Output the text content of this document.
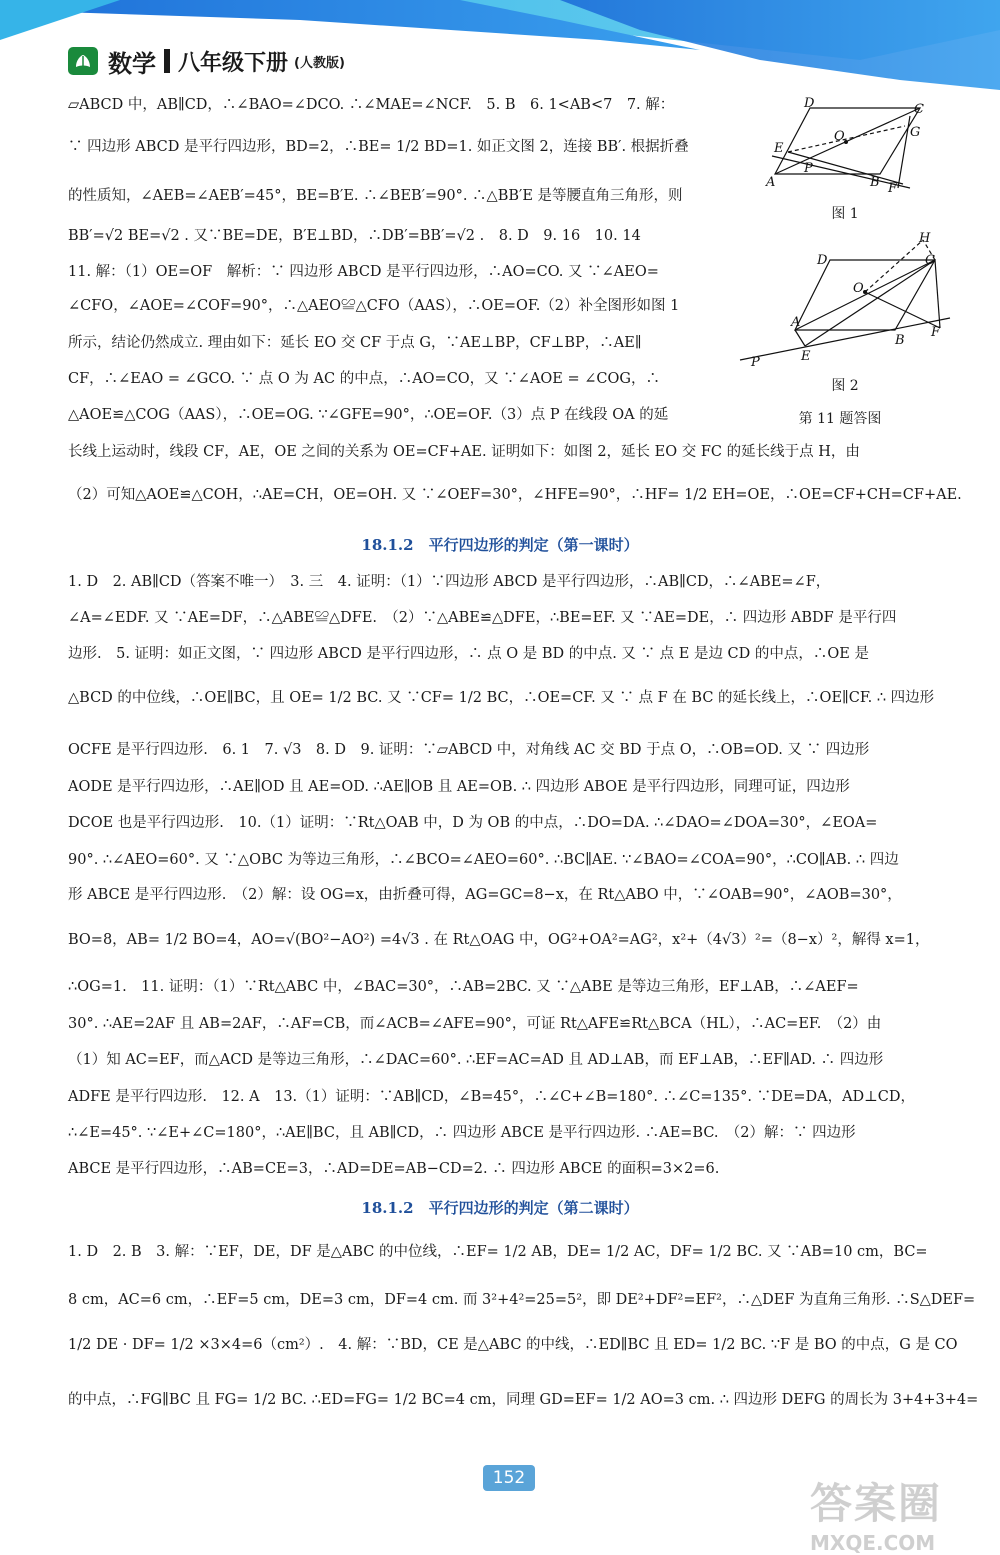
数学 八年级下册 (人教版)
▱ABCD 中，AB∥CD，∴∠BAO=∠DCO. ∴∠MAE=∠NCF.　5. B　6. 1<AB<7　7. 解：
∵ 四边形 ABCD 是平行四边形，BD=2，∴BE= 1/2 BD=1. 如正文图 2，连接 BB′. 根据折叠
的性质知，∠AEB=∠AEB′=45°，BE=B′E. ∴∠BEB′=90°. ∴△BB′E 是等腰直角三角形，则
BB′=√2 BE=√2 . 又∵BE=DE，B′E⊥BD，∴DB′=BB′=√2 .　8. D　9. 16　10. 14
11. 解：（1）OE=OF　解析：∵ 四边形 ABCD 是平行四边形，∴AO=CO. 又 ∵∠AEO=
∠CFO，∠AOE=∠COF=90°，∴△AEO≌△CFO（AAS），∴OE=OF.（2）补全图形如图 1
所示，结论仍然成立. 理由如下：延长 EO 交 CF 于点 G，∵AE⊥BP，CF⊥BP，∴AE∥
CF，∴∠EAO = ∠GCO. ∵ 点 O 为 AC 的中点，∴AO=CO，又 ∵∠AOE = ∠COG，∴
△AOE≌△COG（AAS），∴OE=OG. ∵∠GFE=90°，∴OE=OF.（3）点 P 在线段 OA 的延
长线上运动时，线段 CF，AE，OE 之间的关系为 OE=CF+AE. 证明如下：如图 2，延长 EO 交 FC 的延长线于点 H，由
（2）可知△AOE≌△COH，∴AE=CH，OE=OH. 又 ∵∠OEF=30°，∠HFE=90°，∴HF= 1/2 EH=OE，∴OE=CF+CH=CF+AE.
18.1.2　平行四边形的判定（第一课时）
1. D　2. AB∥CD（答案不唯一）　3. 三　4. 证明：（1）∵四边形 ABCD 是平行四边形，∴AB∥CD，∴∠ABE=∠F，
∠A=∠EDF. 又 ∵AE=DF，∴△ABE≌△DFE.　（2）∵△ABE≌△DFE，∴BE=EF. 又 ∵AE=DE，∴ 四边形 ABDF 是平行四
边形.　5. 证明：如正文图，∵ 四边形 ABCD 是平行四边形，∴ 点 O 是 BD 的中点. 又 ∵ 点 E 是边 CD 的中点，∴OE 是
△BCD 的中位线，∴OE∥BC，且 OE= 1/2 BC. 又 ∵CF= 1/2 BC，∴OE=CF. 又 ∵ 点 F 在 BC 的延长线上，∴OE∥CF. ∴ 四边形
OCFE 是平行四边形.　6. 1　7. √3　8. D　9. 证明：∵▱ABCD 中，对角线 AC 交 BD 于点 O，∴OB=OD. 又 ∵ 四边形
AODE 是平行四边形，∴AE∥OD 且 AE=OD. ∴AE∥OB 且 AE=OB. ∴ 四边形 ABOE 是平行四边形，同理可证，四边形
DCOE 也是平行四边形.　10.（1）证明：∵Rt△OAB 中，D 为 OB 的中点，∴DO=DA. ∴∠DAO=∠DOA=30°，∠EOA=
90°. ∴∠AEO=60°. 又 ∵△OBC 为等边三角形，∴∠BCO=∠AEO=60°. ∴BC∥AE. ∵∠BAO=∠COA=90°，∴CO∥AB. ∴ 四边
形 ABCE 是平行四边形.　（2）解：设 OG=x，由折叠可得，AG=GC=8−x，在 Rt△ABO 中，∵∠OAB=90°，∠AOB=30°，
BO=8，AB= 1/2 BO=4，AO=√(BO²−AO²) =4√3 . 在 Rt△OAG 中，OG²+OA²=AG²，x²+（4√3）²=（8−x）²，解得 x=1，
∴OG=1.　11. 证明：（1）∵Rt△ABC 中，∠BAC=30°，∴AB=2BC. 又 ∵△ABE 是等边三角形，EF⊥AB，∴∠AEF=
30°. ∴AE=2AF 且 AB=2AF，∴AF=CB，而∠ACB=∠AFE=90°，可证 Rt△AFE≌Rt△BCA（HL），∴AC=EF.　（2）由
（1）知 AC=EF，而△ACD 是等边三角形，∴∠DAC=60°. ∴EF=AC=AD 且 AD⊥AB，而 EF⊥AB，∴EF∥AD. ∴ 四边形
ADFE 是平行四边形.　12. A　13.（1）证明：∵AB∥CD，∠B=45°，∴∠C+∠B=180°. ∴∠C=135°. ∵DE=DA，AD⊥CD，
∴∠E=45°. ∵∠E+∠C=180°，∴AE∥BC，且 AB∥CD，∴ 四边形 ABCE 是平行四边形. ∴AE=BC.　（2）解：∵ 四边形
ABCE 是平行四边形，∴AB=CE=3，∴AD=DE=AB−CD=2. ∴ 四边形 ABCE 的面积=3×2=6.
18.1.2　平行四边形的判定（第二课时）
1. D　2. B　3. 解：∵EF，DE，DF 是△ABC 的中位线，∴EF= 1/2 AB，DE= 1/2 AC，DF= 1/2 BC. 又 ∵AB=10 cm，BC=
8 cm，AC=6 cm，∴EF=5 cm，DE=3 cm，DF=4 cm. 而 3²+4²=25=5²，即 DE²+DF²=EF²，∴△DEF 为直角三角形. ∴S△DEF=
1/2 DE · DF= 1/2 ×3×4=6（cm²）.　4. 解：∵BD，CE 是△ABC 的中线，∴ED∥BC 且 ED= 1/2 BC. ∵F 是 BO 的中点，G 是 CO
的中点，∴FG∥BC 且 FG= 1/2 BC. ∴ED=FG= 1/2 BC=4 cm，同理 GD=EF= 1/2 AO=3 cm. ∴ 四边形 DEFG 的周长为 3+4+3+4=
D	C
E
O	G
P
A	B F
图 1
H
D	C
O
A
F
P	E
B
图 2
第 11 题答图
152
答案圈
MXQE.COM
